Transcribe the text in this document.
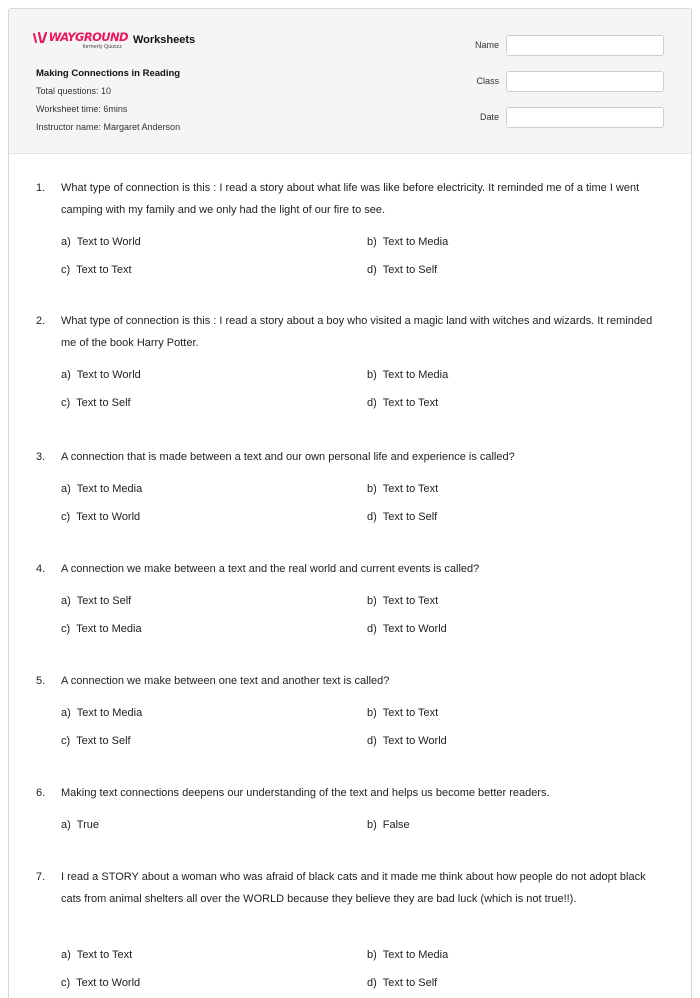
WAYGROUND
formerly Quizizz
Worksheets
Making Connections in Reading
Total questions: 10
Worksheet time: 6mins
Instructor name: Margaret Anderson
Name
Class
Date
1.	What type of connection is this : I read a story about what life was like before electricity. It reminded me of a time I went camping with my family and we only had the light of our fire to see.
a) Text to World	b) Text to Media
c) Text to Text	d) Text to Self
2.	What type of connection is this : I read a story about a boy who visited a magic land with witches and wizards. It reminded me of the book Harry Potter.
a) Text to World	b) Text to Media
c) Text to Self	d) Text to Text
3.	A connection that is made between a text and our own personal life and experience is called?
a) Text to Media	b) Text to Text
c) Text to World	d) Text to Self
4.	A connection we make between a text and the real world and current events is called?
a) Text to Self	b) Text to Text
c) Text to Media	d) Text to World
5.	A connection we make between one text and another text is called?
a) Text to Media	b) Text to Text
c) Text to Self	d) Text to World
6.	Making text connections deepens our understanding of the text and helps us become better readers.
a) True	b) False
7.	I read a STORY about a woman who was afraid of black cats and it made me think about how people do not adopt black cats from animal shelters all over the WORLD because they believe they are bad luck (which is not true!!).
a) Text to Text	b) Text to Media
c) Text to World	d) Text to Self
